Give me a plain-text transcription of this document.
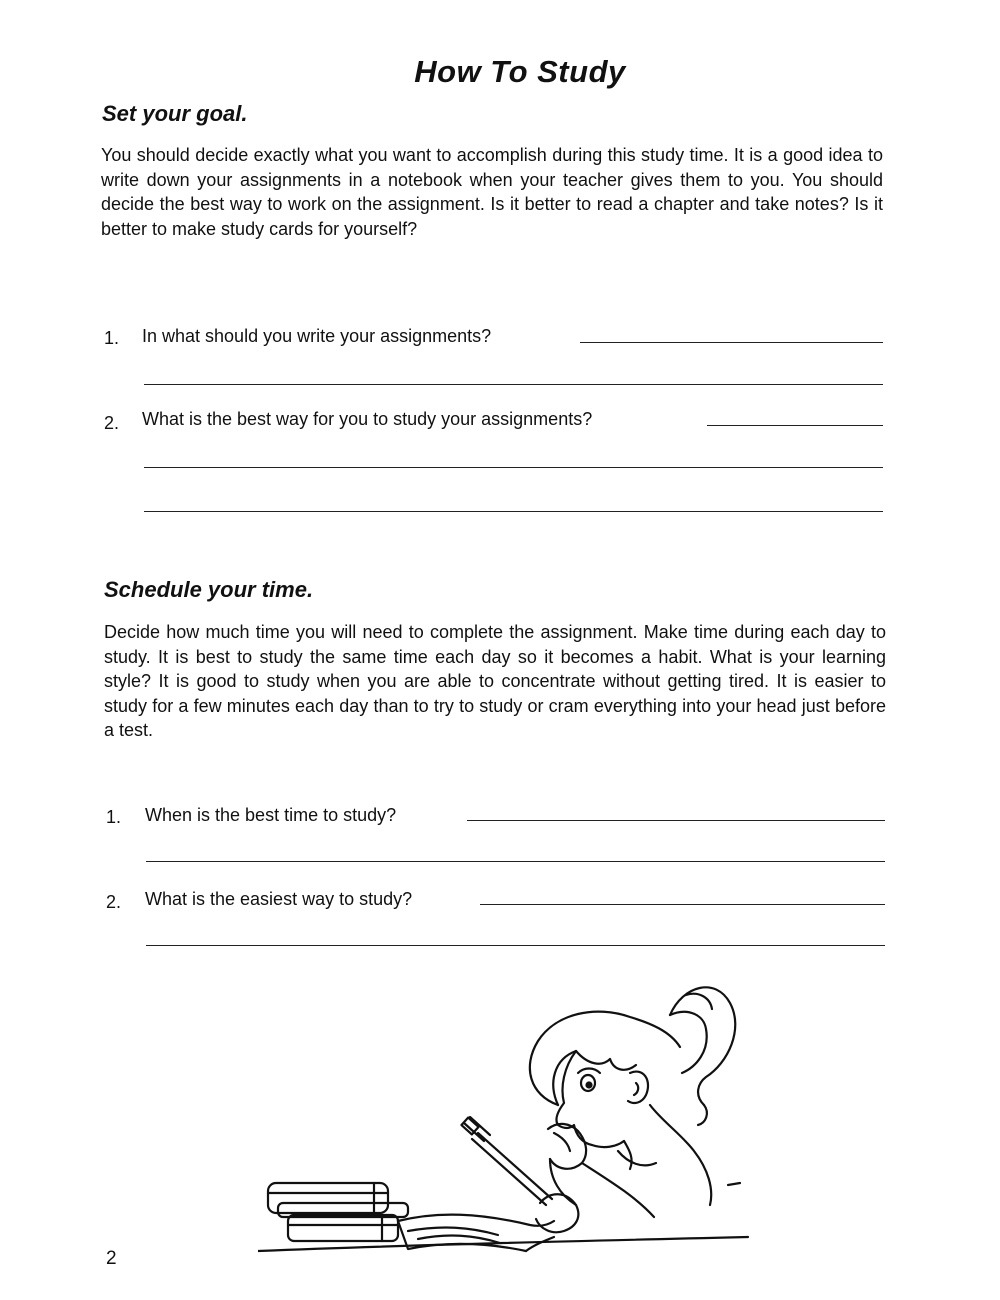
How To Study
Set your goal.
You should decide exactly what you want to accomplish during this study time. It is a good idea to write down your assignments in a notebook when your teacher gives them to you. You should decide the best way to work on the assignment. Is it better to read a chapter and take notes? Is it better to make study cards for yourself?
1. In what should you write your assignments?
2. What is the best way for you to study your assignments?
Schedule your time.
Decide how much time you will need to complete the assignment. Make time during each day to study. It is best to study the same time each day so it becomes a habit. What is your learning style? It is good to study when you are able to concentrate without getting tired. It is easier to study for a few minutes each day than to try to study or cram everything into your head just before a test.
1. When is the best time to study?
2. What is the easiest way to study?
2
